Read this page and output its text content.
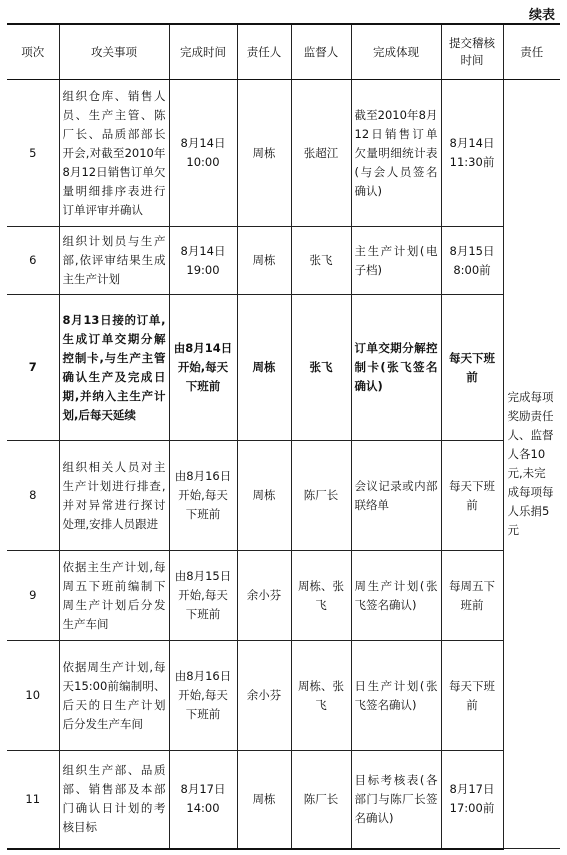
续表
项次	攻关事项	完成时间	责任人	监督人	完成体现	提交稽核时间	责任
5	组织仓库、销售人员、生产主管、陈厂长、品质部部长开会,对截至2010年8月12日销售订单欠量明细排序表进行订单评审并确认	8月14日 10:00	周栋	张超江	截至2010年8月12日销售订单欠量明细统计表(与会人员签名确认)	8月14日 11:30前	完成每项奖励责任人、监督人各10元,未完成每项每人乐捐5元
6	组织计划员与生产部,依评审结果生成主生产计划	8月14日 19:00	周栋	张飞	主生产计划(电子档)	8月15日 8:00前	
7	8月13日接的订单,生成订单交期分解控制卡,与生产主管确认生产及完成日期,并纳入主生产计划,后每天延续	由8月14日开始,每天下班前	周栋	张飞	订单交期分解控制卡(张飞签名确认)	每天下班前	
8	组织相关人员对主生产计划进行排查,并对异常进行探讨处理,安排人员跟进	由8月16日开始,每天下班前	周栋	陈厂长	会议记录或内部联络单	每天下班前	
9	依据主生产计划,每周五下班前编制下周生产计划后分发生产车间	由8月15日开始,每天下班前	余小芬	周栋、张飞	周生产计划(张飞签名确认)	每周五下班前	
10	依据周生产计划,每天15:00前编制明、后天的日生产计划后分发生产车间	由8月16日开始,每天下班前	余小芬	周栋、张飞	日生产计划(张飞签名确认)	每天下班前	
11	组织生产部、品质部、销售部及本部门确认日计划的考核目标	8月17日 14:00	周栋	陈厂长	目标考核表(各部门与陈厂长签名确认)	8月17日 17:00前	
